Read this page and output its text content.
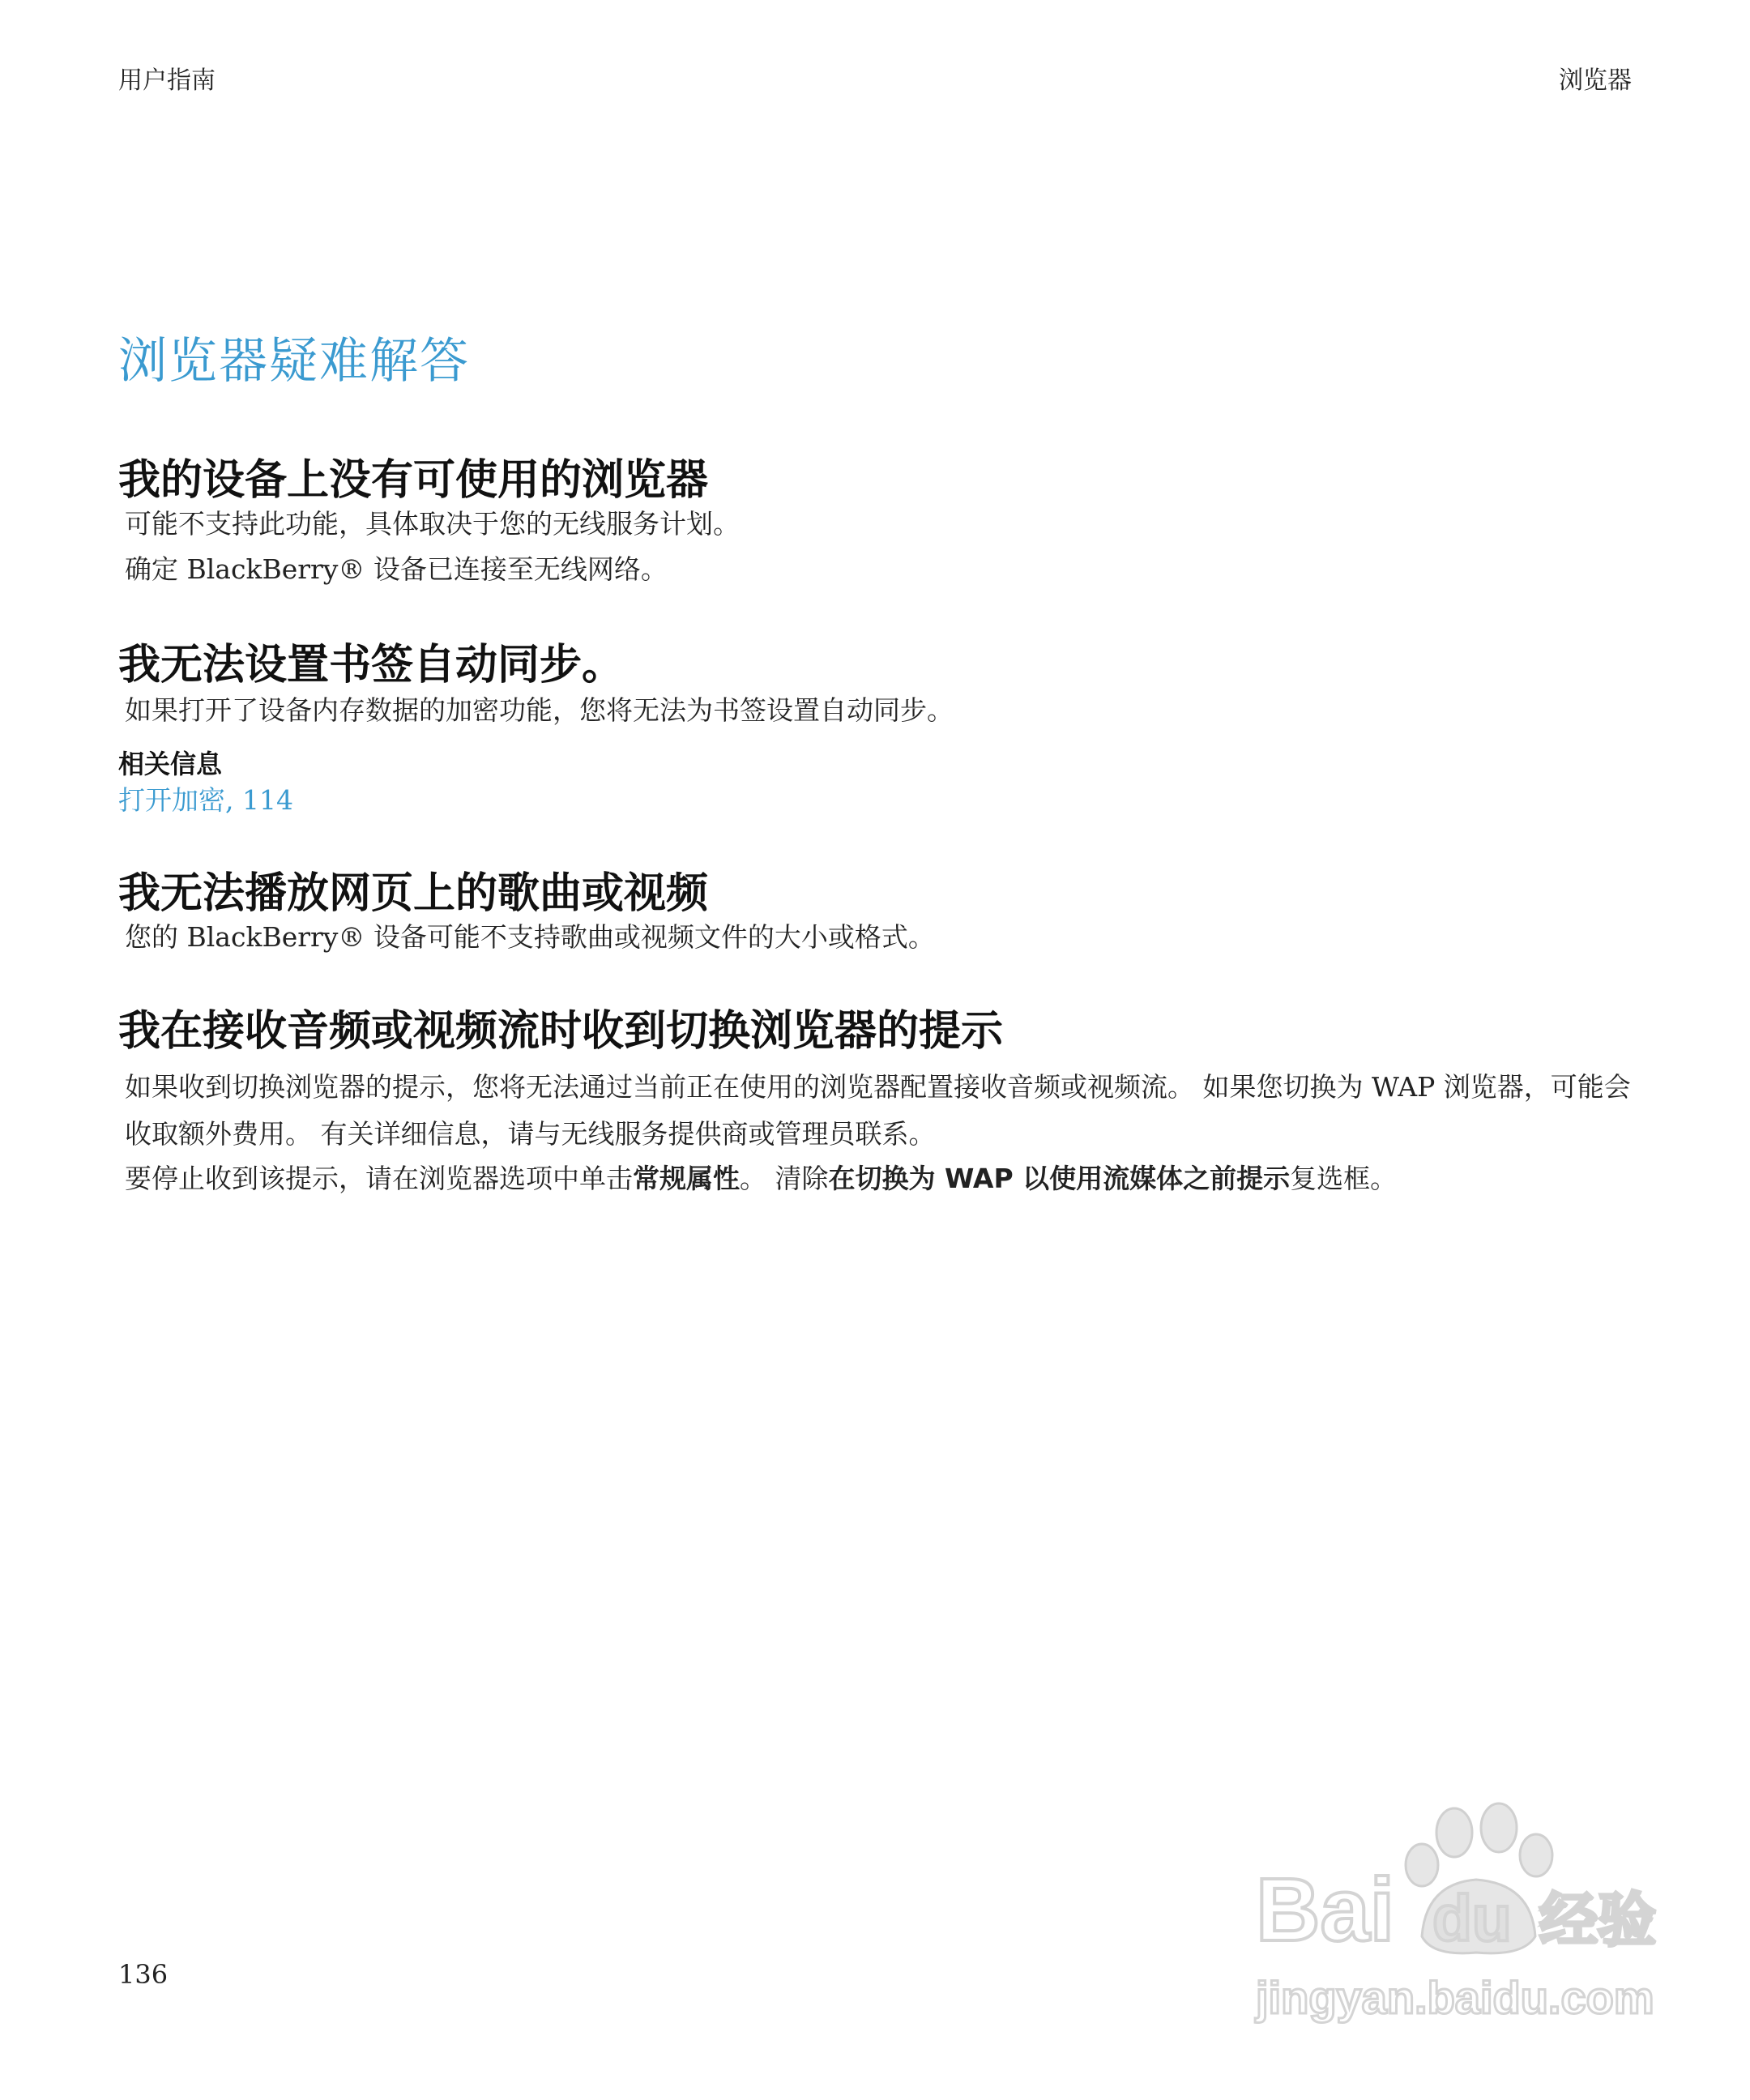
用户指南	浏览器
浏览器疑难解答
我的设备上没有可使用的浏览器
可能不支持此功能，具体取决于您的无线服务计划。
确定 BlackBerry® 设备已连接至无线网络。
我无法设置书签自动同步。
如果打开了设备内存数据的加密功能，您将无法为书签设置自动同步。
相关信息
打开加密, 114
我无法播放网页上的歌曲或视频
您的 BlackBerry® 设备可能不支持歌曲或视频文件的大小或格式。
我在接收音频或视频流时收到切换浏览器的提示
如果收到切换浏览器的提示，您将无法通过当前正在使用的浏览器配置接收音频或视频流。 如果您切换为 WAP 浏览器，可能会收取额外费用。 有关详细信息，请与无线服务提供商或管理员联系。
要停止收到该提示，请在浏览器选项中单击常规属性。 清除在切换为 WAP 以使用流媒体之前提示复选框。
136
Bai du 经验
jingyan.baidu.com
